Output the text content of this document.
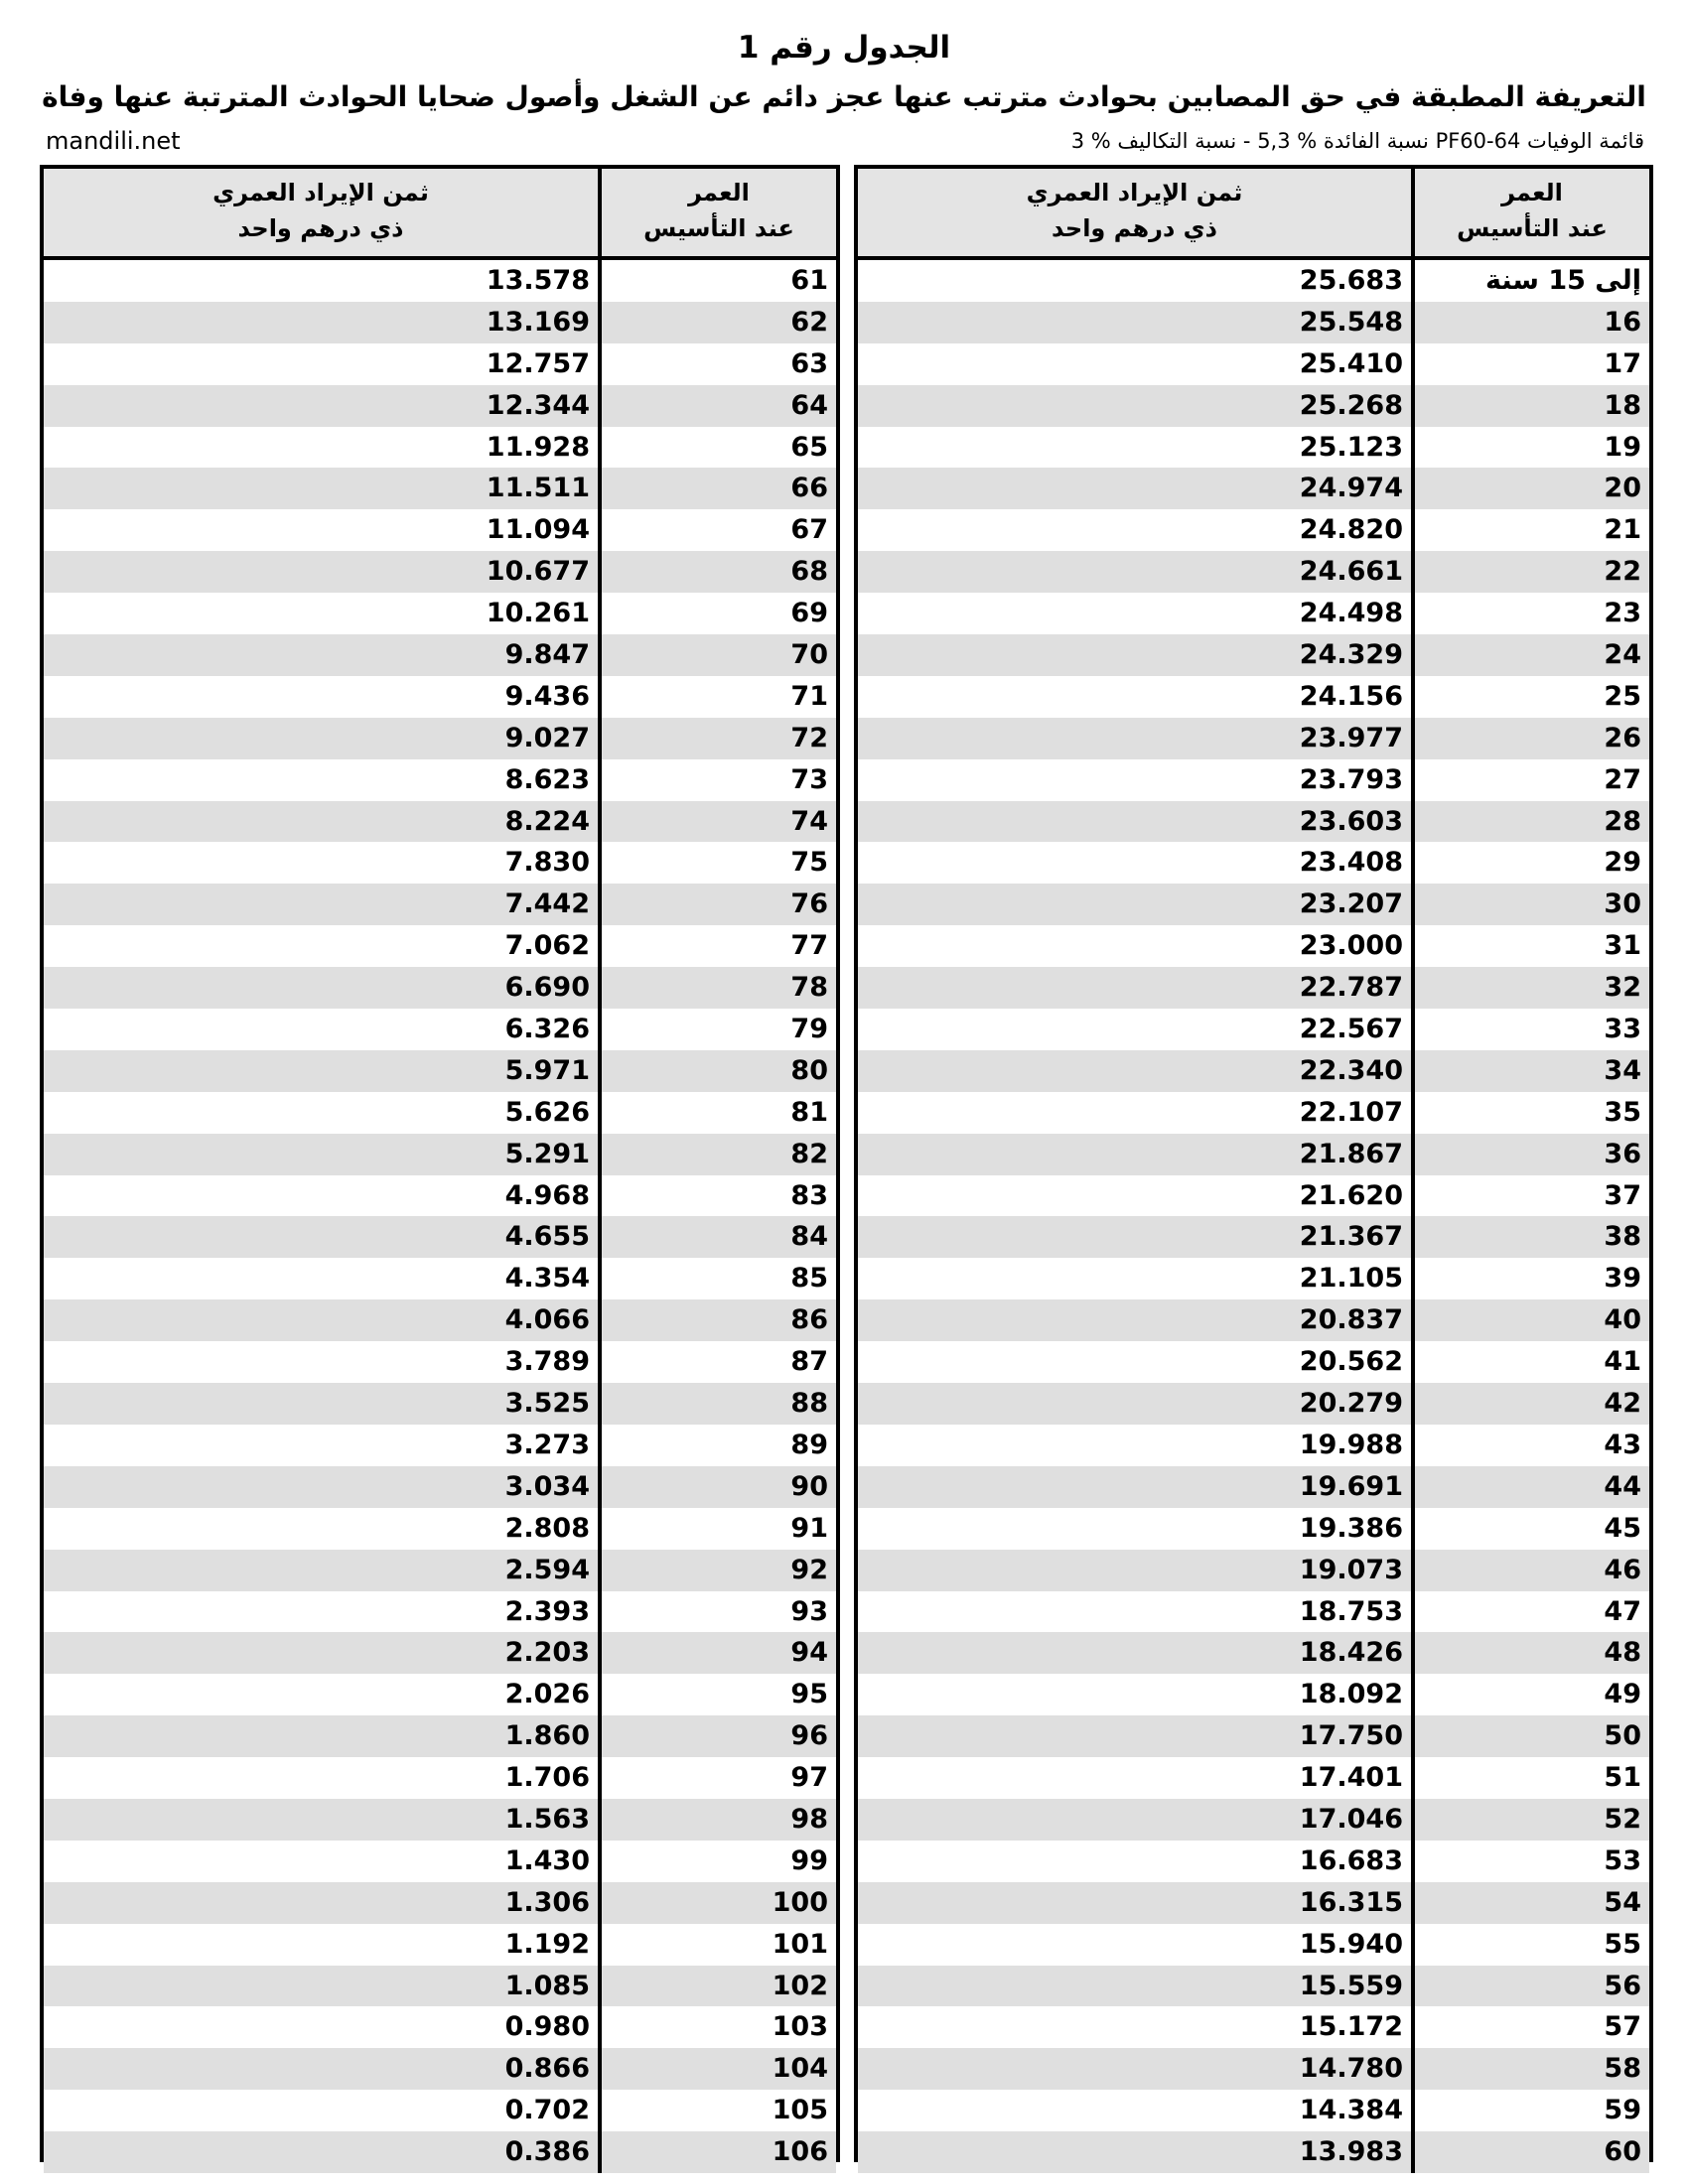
الجدول رقم 1
التعريفة المطبقة في حق المصابين بحوادث مترتب عنها عجز دائم عن الشغل وأصول ضحايا الحوادث المترتبة عنها وفاة
mandili.net	قائمة الوفيات PF60-64 نسبة الفائدة % 5,3 - نسبة التكاليف % 3
العمر
عند التأسيس
ثمن الإيراد العمري
ذي درهم واحد
إلى 15 سنة
25.683
16
25.548
17
25.410
18
25.268
19
25.123
20
24.974
21
24.820
22
24.661
23
24.498
24
24.329
25
24.156
26
23.977
27
23.793
28
23.603
29
23.408
30
23.207
31
23.000
32
22.787
33
22.567
34
22.340
35
22.107
36
21.867
37
21.620
38
21.367
39
21.105
40
20.837
41
20.562
42
20.279
43
19.988
44
19.691
45
19.386
46
19.073
47
18.753
48
18.426
49
18.092
50
17.750
51
17.401
52
17.046
53
16.683
54
16.315
55
15.940
56
15.559
57
15.172
58
14.780
59
14.384
60
13.983
العمر
عند التأسيس
ثمن الإيراد العمري
ذي درهم واحد
61
13.578
62
13.169
63
12.757
64
12.344
65
11.928
66
11.511
67
11.094
68
10.677
69
10.261
70
9.847
71
9.436
72
9.027
73
8.623
74
8.224
75
7.830
76
7.442
77
7.062
78
6.690
79
6.326
80
5.971
81
5.626
82
5.291
83
4.968
84
4.655
85
4.354
86
4.066
87
3.789
88
3.525
89
3.273
90
3.034
91
2.808
92
2.594
93
2.393
94
2.203
95
2.026
96
1.860
97
1.706
98
1.563
99
1.430
100
1.306
101
1.192
102
1.085
103
0.980
104
0.866
105
0.702
106
0.386
